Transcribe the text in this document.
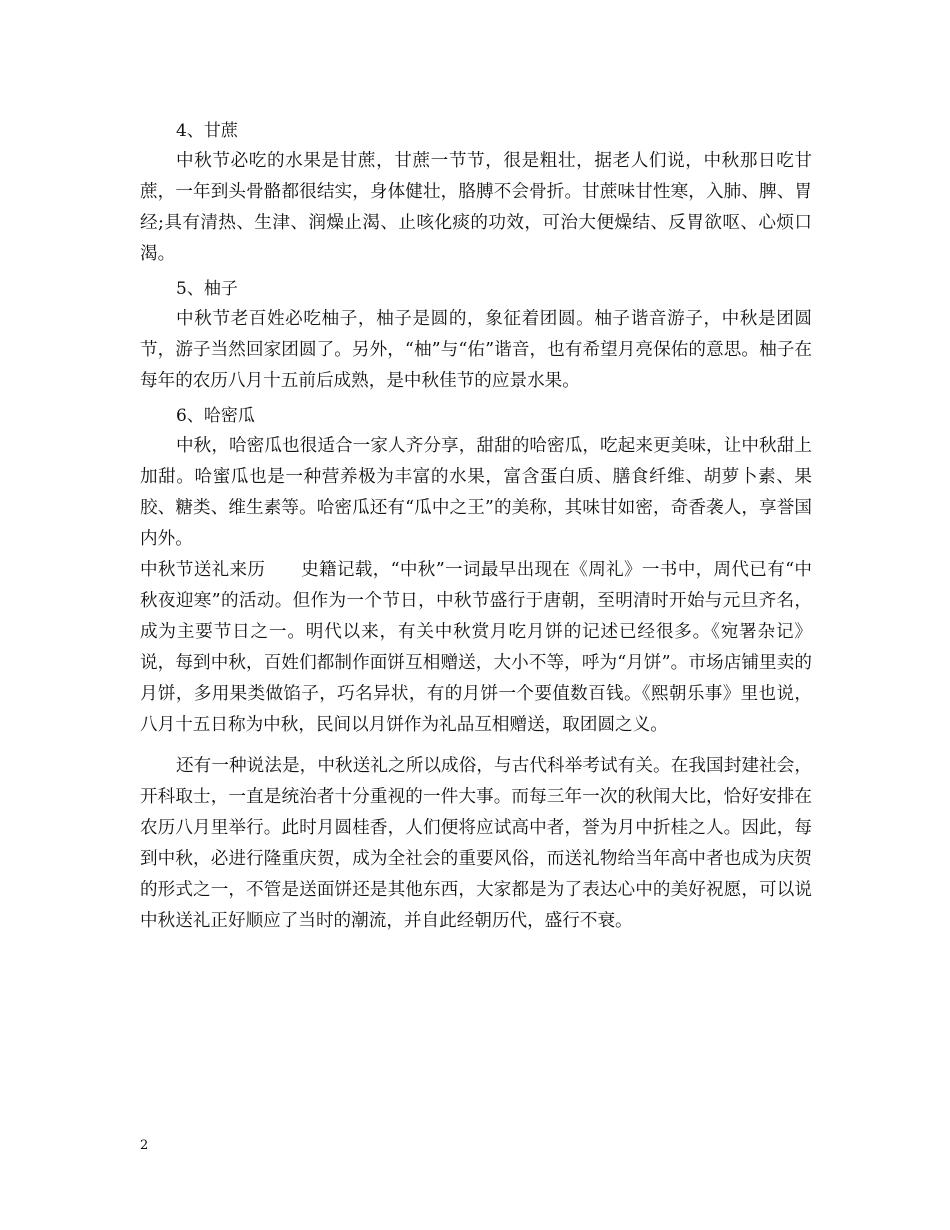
4、甘蔗

中秋节必吃的水果是甘蔗，甘蔗一节节，很是粗壮，据老人们说，中秋那日吃甘蔗，一年到头骨骼都很结实，身体健壮，胳膊不会骨折。甘蔗味甘性寒，入肺、脾、胃经;具有清热、生津、润燥止渴、止咳化痰的功效，可治大便燥结、反胃欲呕、心烦口渴。

5、柚子

中秋节老百姓必吃柚子，柚子是圆的，象征着团圆。柚子谐音游子，中秋是团圆节，游子当然回家团圆了。另外，“柚”与“佑”谐音，也有希望月亮保佑的意思。柚子在每年的农历八月十五前后成熟，是中秋佳节的应景水果。

6、哈密瓜

中秋，哈密瓜也很适合一家人齐分享，甜甜的哈密瓜，吃起来更美味，让中秋甜上加甜。哈蜜瓜也是一种营养极为丰富的水果，富含蛋白质、膳食纤维、胡萝卜素、果胶、糖类、维生素等。哈密瓜还有“瓜中之王”的美称，其味甘如密，奇香袭人，享誉国内外。

中秋节送礼来历　　史籍记载，“中秋”一词最早出现在《周礼》一书中，周代已有“中秋夜迎寒”的活动。但作为一个节日，中秋节盛行于唐朝，至明清时开始与元旦齐名，成为主要节日之一。明代以来，有关中秋赏月吃月饼的记述已经很多。《宛署杂记》说，每到中秋，百姓们都制作面饼互相赠送，大小不等，呼为“月饼”。市场店铺里卖的月饼，多用果类做馅子，巧名异状，有的月饼一个要值数百钱。《熙朝乐事》里也说，八月十五日称为中秋，民间以月饼作为礼品互相赠送，取团圆之义。

还有一种说法是，中秋送礼之所以成俗，与古代科举考试有关。在我国封建社会，开科取士，一直是统治者十分重视的一件大事。而每三年一次的秋闱大比，恰好安排在农历八月里举行。此时月圆桂香，人们便将应试高中者，誉为月中折桂之人。因此，每到中秋，必进行隆重庆贺，成为全社会的重要风俗，而送礼物给当年高中者也成为庆贺的形式之一，不管是送面饼还是其他东西，大家都是为了表达心中的美好祝愿，可以说中秋送礼正好顺应了当时的潮流，并自此经朝历代，盛行不衰。

2
